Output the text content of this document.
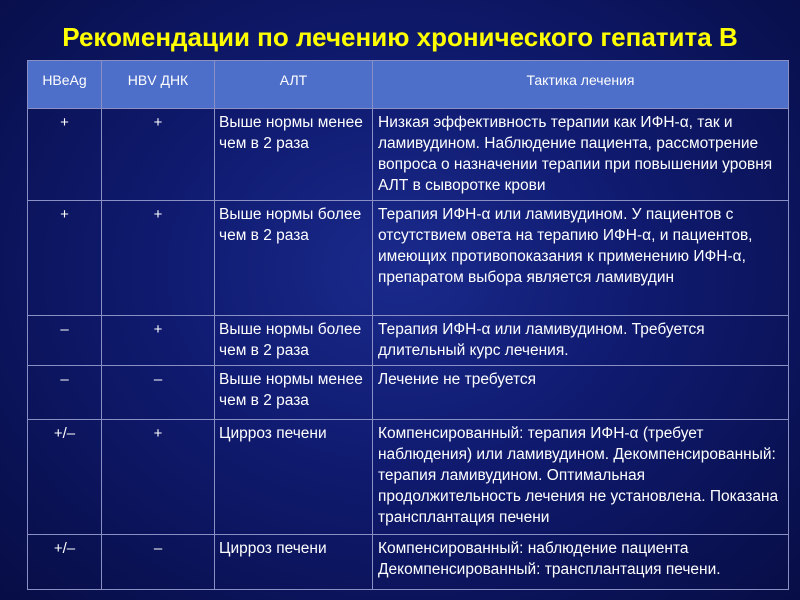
Рекомендации по лечению хронического гепатита В
HBeAg	HBV ДНК	АЛТ	Тактика лечения

+	+	Выше нормы менее чем в 2 раза	Низкая эффективность терапии как ИФН-α, так и ламивудином. Наблюдение пациента, рассмотрение вопроса о назначении терапии при повышении уровня АЛТ в сыворотке крови

+	+	Выше нормы более чем в 2 раза	Терапия ИФН-α или ламивудином. У пациентов с отсутствием овета на терапию ИФН-α, и пациентов, имеющих противопоказания к применению ИФН-α, препаратом выбора является ламивудин

–	+	Выше нормы более чем в 2 раза	Терапия ИФН-α или ламивудином. Требуется длительный курс лечения.

–	–	Выше нормы менее чем в 2 раза	Лечение не требуется

+/–	+	Цирроз печени	Компенсированный: терапия ИФН-α (требует наблюдения) или ламивудином. Декомпенсированный: терапия ламивудином. Оптимальная продолжительность лечения не установлена. Показана трансплантация печени

+/–	–	Цирроз печени	Компенсированный: наблюдение пациента Декомпенсированный: трансплантация печени.
